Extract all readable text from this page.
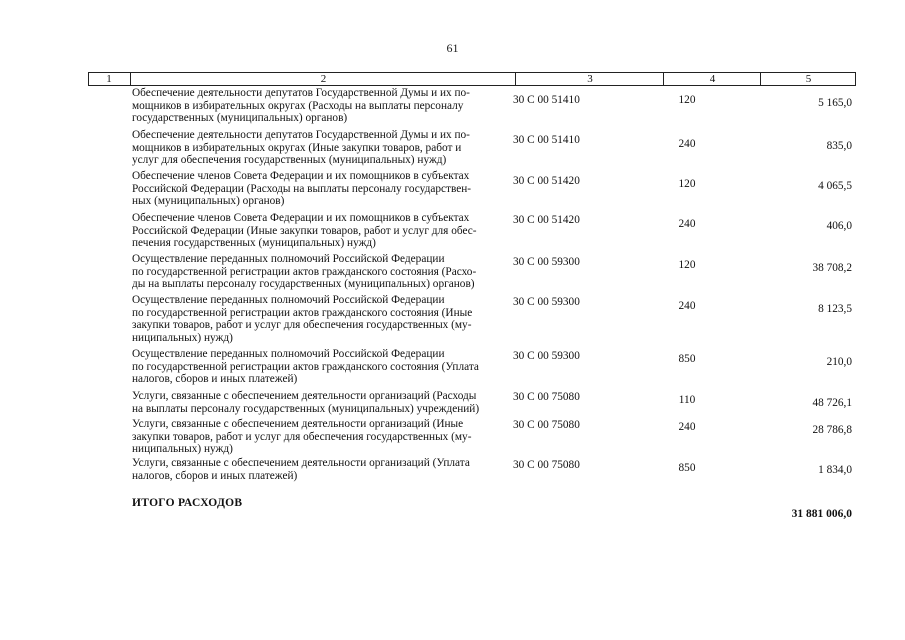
61
1	2	3	4	5
Обеспечение деятельности депутатов Государственной Думы и их по-
мощников в избирательных округах (Расходы на выплаты персоналу
государственных (муниципальных) органов)
30 С 00 51410	120	5 165,0
Обеспечение деятельности депутатов Государственной Думы и их по-
мощников в избирательных округах (Иные закупки товаров, работ и
услуг для обеспечения государственных (муниципальных) нужд)
30 С 00 51410	240	835,0
Обеспечение членов Совета Федерации и их помощников в субъектах
Российской Федерации (Расходы на выплаты персоналу государствен-
ных (муниципальных) органов)
30 С 00 51420	120	4 065,5
Обеспечение членов Совета Федерации и их помощников в субъектах
Российской Федерации (Иные закупки товаров, работ и услуг для обес-
печения государственных (муниципальных) нужд)
30 С 00 51420	240	406,0
Осуществление переданных полномочий Российской Федерации
по государственной регистрации актов гражданского состояния (Расхо-
ды на выплаты персоналу государственных (муниципальных) органов)
30 С 00 59300	120	38 708,2
Осуществление переданных полномочий Российской Федерации
по государственной регистрации актов гражданского состояния (Иные
закупки товаров, работ и услуг для обеспечения государственных (му-
ниципальных) нужд)
30 С 00 59300	240	8 123,5
Осуществление переданных полномочий Российской Федерации
по государственной регистрации актов гражданского состояния (Уплата
налогов, сборов и иных платежей)
30 С 00 59300	850	210,0
Услуги, связанные с обеспечением деятельности организаций (Расходы
на выплаты персоналу государственных (муниципальных) учреждений)
30 С 00 75080	110	48 726,1
Услуги, связанные с обеспечением деятельности организаций (Иные
закупки товаров, работ и услуг для обеспечения государственных (му-
ниципальных) нужд)
30 С 00 75080	240	28 786,8
Услуги, связанные с обеспечением деятельности организаций (Уплата
налогов, сборов и иных платежей)
30 С 00 75080	850	1 834,0
ИТОГО РАСХОДОВ
31 881 006,0
